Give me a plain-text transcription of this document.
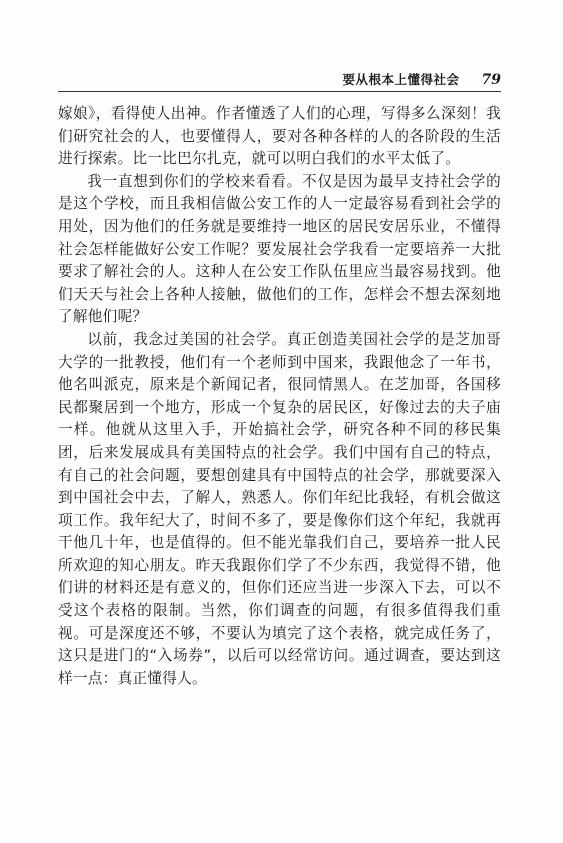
要从根本上懂得社会 79

嫁娘》，看得使人出神。作者懂透了人们的心理，写得多么深刻！我们研究社会的人，也要懂得人，要对各种各样的人的各阶段的生活进行探索。比一比巴尔扎克，就可以明白我们的水平太低了。

我一直想到你们的学校来看看。不仅是因为最早支持社会学的是这个学校，而且我相信做公安工作的人一定最容易看到社会学的用处，因为他们的任务就是要维持一地区的居民安居乐业，不懂得社会怎样能做好公安工作呢？要发展社会学我看一定要培养一大批要求了解社会的人。这种人在公安工作队伍里应当最容易找到。他们天天与社会上各种人接触，做他们的工作，怎样会不想去深刻地了解他们呢？

以前，我念过美国的社会学。真正创造美国社会学的是芝加哥大学的一批教授，他们有一个老师到中国来，我跟他念了一年书，他名叫派克，原来是个新闻记者，很同情黑人。在芝加哥，各国移民都聚居到一个地方，形成一个复杂的居民区，好像过去的夫子庙一样。他就从这里入手，开始搞社会学，研究各种不同的移民集团，后来发展成具有美国特点的社会学。我们中国有自己的特点，有自己的社会问题，要想创建具有中国特点的社会学，那就要深入到中国社会中去，了解人，熟悉人。你们年纪比我轻，有机会做这项工作。我年纪大了，时间不多了，要是像你们这个年纪，我就再干他几十年，也是值得的。但不能光靠我们自己，要培养一批人民所欢迎的知心朋友。昨天我跟你们学了不少东西，我觉得不错，他们讲的材料还是有意义的，但你们还应当进一步深入下去，可以不受这个表格的限制。当然，你们调查的问题，有很多值得我们重视。可是深度还不够，不要认为填完了这个表格，就完成任务了，这只是进门的“入场券”，以后可以经常访问。通过调查，要达到这样一点：真正懂得人。
